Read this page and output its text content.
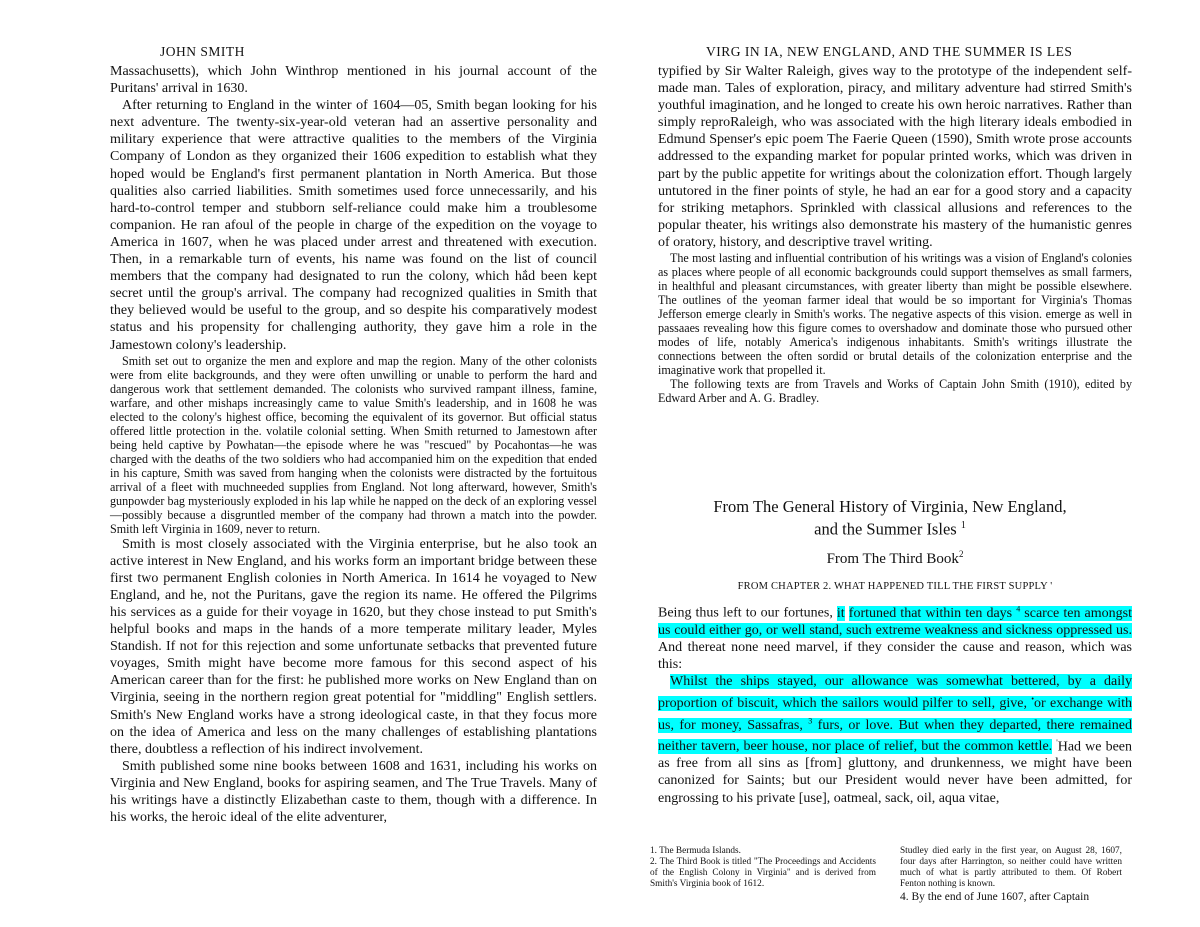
JOHN SMITH

Massachusetts), which John Winthrop mentioned in his journal account of the Puritans' arrival in 1630.

After returning to England in the winter of 1604—05, Smith began looking for his next adventure. The twenty-six-year-old veteran had an assertive personality and military experience that were attractive qualities to the members of the Virginia Company of London as they organized their 1606 expedition to establish what they hoped would be England's first permanent plantation in North America. But those qualities also carried liabilities. Smith sometimes used force unnecessarily, and his hard-to-control temper and stubborn self-reliance could make him a troublesome companion. He ran afoul of the people in charge of the expedition on the voyage to America in 1607, when he was placed under arrest and threatened with execution. Then, in a remarkable turn of events, his name was found on the list of council members that the company had designated to run the colony, which hắd been kept secret until the group's arrival. The company had recognized qualities in Smith that they believed would be useful to the group, and so despite his comparatively modest status and his propensity for challenging authority, they gave him a role in the Jamestown colony's leadership.

Smith set out to organize the men and explore and map the region. Many of the other colonists were from elite backgrounds, and they were often unwilling or unable to perform the hard and dangerous work that settlement demanded. The colonists who survived rampant illness, famine, warfare, and other mishaps increasingly came to value Smith's leadership, and in 1608 he was elected to the colony's highest office, becoming the equivalent of its governor. But official status offered little protection in the. volatile colonial setting. When Smith returned to Jamestown after being held captive by Powhatan—the episode where he was "rescued" by Pocahontas—he was charged with the deaths of the two soldiers who had accompanied him on the expedition that ended in his capture, Smith was saved from hanging when the colonists were distracted by the fortuitous arrival of a fleet with muchneeded supplies from England. Not long afterward, however, Smith's gunpowder bag mysteriously exploded in his lap while he napped on the deck of an exploring vessel—possibly because a disgruntled member of the company had thrown a match into the powder. Smith left Virginia in 1609, never to return.

Smith is most closely associated with the Virginia enterprise, but he also took an active interest in New England, and his works form an important bridge between these first two permanent English colonies in North America. In 1614 he voyaged to New England, and he, not the Puritans, gave the region its name. He offered the Pilgrims his services as a guide for their voyage in 1620, but they chose instead to put Smith's helpful books and maps in the hands of a more temperate military leader, Myles Standish. If not for this rejection and some unfortunate setbacks that prevented future voyages, Smith might have become more famous for this second aspect of his American career than for the first: he published more works on New England than on Virginia, seeing in the northern region great potential for "middling" English settlers. Smith's New England works have a strong ideological caste, in that they focus more on the idea of America and less on the many challenges of establishing plantations there, doubtless a reflection of his indirect involvement.

Smith published some nine books between 1608 and 1631, including his works on Virginia and New England, books for aspiring seamen, and The True Travels. Many of his writings have a distinctly Elizabethan caste to them, though with a difference. In his works, the heroic ideal of the elite adventurer,

VIRG IN IA, NEW ENGLAND, AND THE SUMMER IS LES

typified by Sir Walter Raleigh, gives way to the prototype of the independent self-made man. Tales of exploration, piracy, and military adventure had stirred Smith's youthful imagination, and he longed to create his own heroic narratives. Rather than simply reproRaleigh, who was associated with the high literary ideals embodied in Edmund Spenser's epic poem The Faerie Queen (1590), Smith wrote prose accounts addressed to the expanding market for popular printed works, which was driven in part by the public appetite for writings about the colonization effort. Though largely untutored in the finer points of style, he had an ear for a good story and a capacity for striking metaphors. Sprinkled with classical allusions and references to the popular theater, his writings also demonstrate his mastery of the humanistic genres of oratory, history, and descriptive travel writing.

The most lasting and influential contribution of his writings was a vision of England's colonies as places where people of all economic backgrounds could support themselves as small farmers, in healthful and pleasant circumstances, with greater liberty than might be possible elsewhere. The outlines of the yeoman farmer ideal that would be so important for Virginia's Thomas Jefferson emerge clearly in Smith's works. The negative aspects of this vision. emerge as well in passaaes revealing how this figure comes to overshadow and dominate those who pursued other modes of life, notably America's indigenous inhabitants. Smith's writings illustrate the connections between the often sordid or brutal details of the colonization enterprise and the imaginative work that propelled it.

The following texts are from Travels and Works of Captain John Smith (1910), edited by Edward Arber and A. G. Bradley.

From The General History of Virginia, New England,
and the Summer Isles $^1$

From The Third Book$^2$

FROM CHAPTER 2. WHAT HAPPENED TILL THE FIRST SUPPLY '

Being thus left to our fortunes, it fortuned that within ten days $^4$ scarce ten amongst us could either go, or well stand, such extreme weakness and sickness oppressed us. And thereat none need marvel, if they consider the cause and reason, which was this:

Whilst the ships stayed, our allowance was somewhat bettered, by a daily proportion of biscuit, which the sailors would pilfer to sell, give, •or exchange with us, for money, Sassafras, $^3$ furs, or love. But when they departed, there remained neither tavern, beer house, nor place of relief, but the common kettle. 'Had we been as free from all sins as [from] gluttony, and drunkenness, we might have been canonized for Saints; but our President would never have been admitted, for engrossing to his private [use], oatmeal, sack, oil, aqua vitae,

1. The Bermuda Islands.

2. The Third Book is titled "The Proceedings and Accidents of the English Colony in Virginia" and is derived from Smith's Virginia book of 1612.

Studley died early in the first year, on August 28, 1607, four days after Harrington, so neither could have written much of what is partly attributed to them. Of Robert Fenton nothing is known.

4. By the end of June 1607, after Captain
